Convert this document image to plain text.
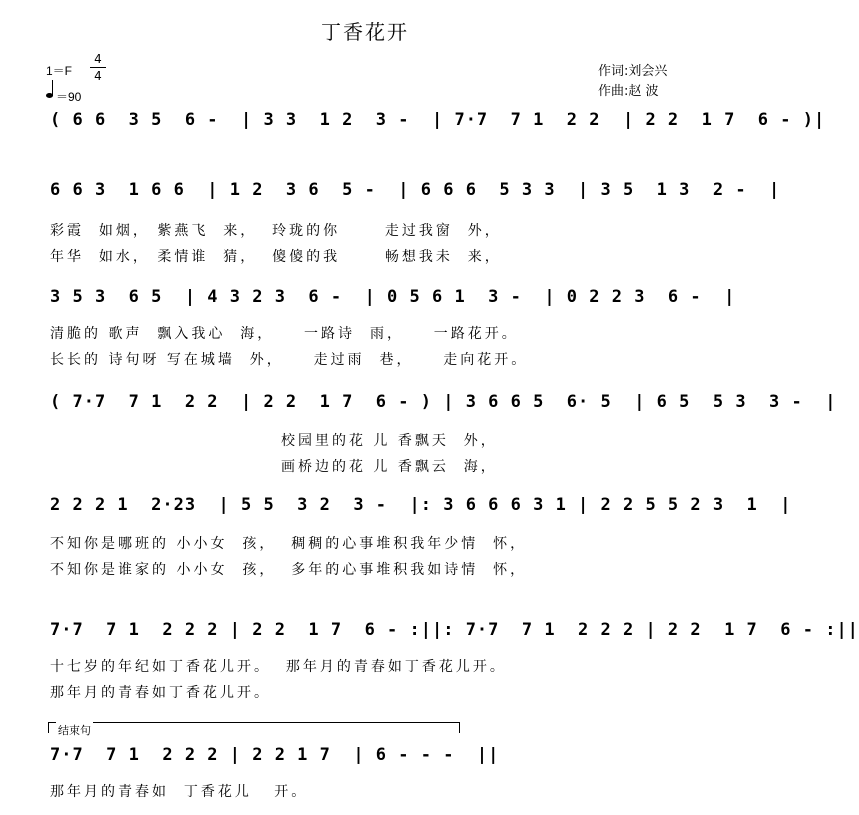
丁香花开
1＝F
4
4
＝90
作词:刘会兴
作曲:赵 波
( 6 6  3 5  6 -  | 3 3  1 2  3 -  | 7·7  7 1  2 2  | 2 2  1 7  6 - )|
6 6 3  1 6 6  | 1 2  3 6  5 -  | 6 6 6  5 3 3  | 3 5  1 3  2 -  |
彩霞  如烟， 紫燕飞  来，  玲珑的你      走过我窗  外，
年华  如水， 柔情谁  猜，  傻傻的我      畅想我未  来，
3 5 3  6 5  | 4 3 2 3  6 -  | 0 5 6 1  3 -  | 0 2 2 3  6 -  |
清脆的 歌声  飘入我心  海，    一路诗  雨，    一路花开。
长长的 诗句呀 写在城墙  外，    走过雨  巷，    走向花开。
( 7·7  7 1  2 2  | 2 2  1 7  6 - ) | 3 6 6 5  6· 5  | 6 5  5 3  3 -  |
校园里的花 儿 香飘天  外，
画桥边的花 儿 香飘云  海，
2 2 2 1  2·23  | 5 5  3 2  3 -  |: 3 6 6 6 3 1 | 2 2 5 5 2 3  1  |
不知你是哪班的 小小女  孩，  稠稠的心事堆积我年少情  怀，
不知你是谁家的 小小女  孩，  多年的心事堆积我如诗情  怀，
7·7  7 1  2 2 2 | 2 2  1 7  6 - :||: 7·7  7 1  2 2 2 | 2 2  1 7  6 - :||
十七岁的年纪如丁香花儿开。  那年月的青春如丁香花儿开。
那年月的青春如丁香花儿开。
结束句
7·7  7 1  2 2 2 | 2 2 1 7  | 6 - - -  ||
那年月的青春如  丁香花儿   开。
